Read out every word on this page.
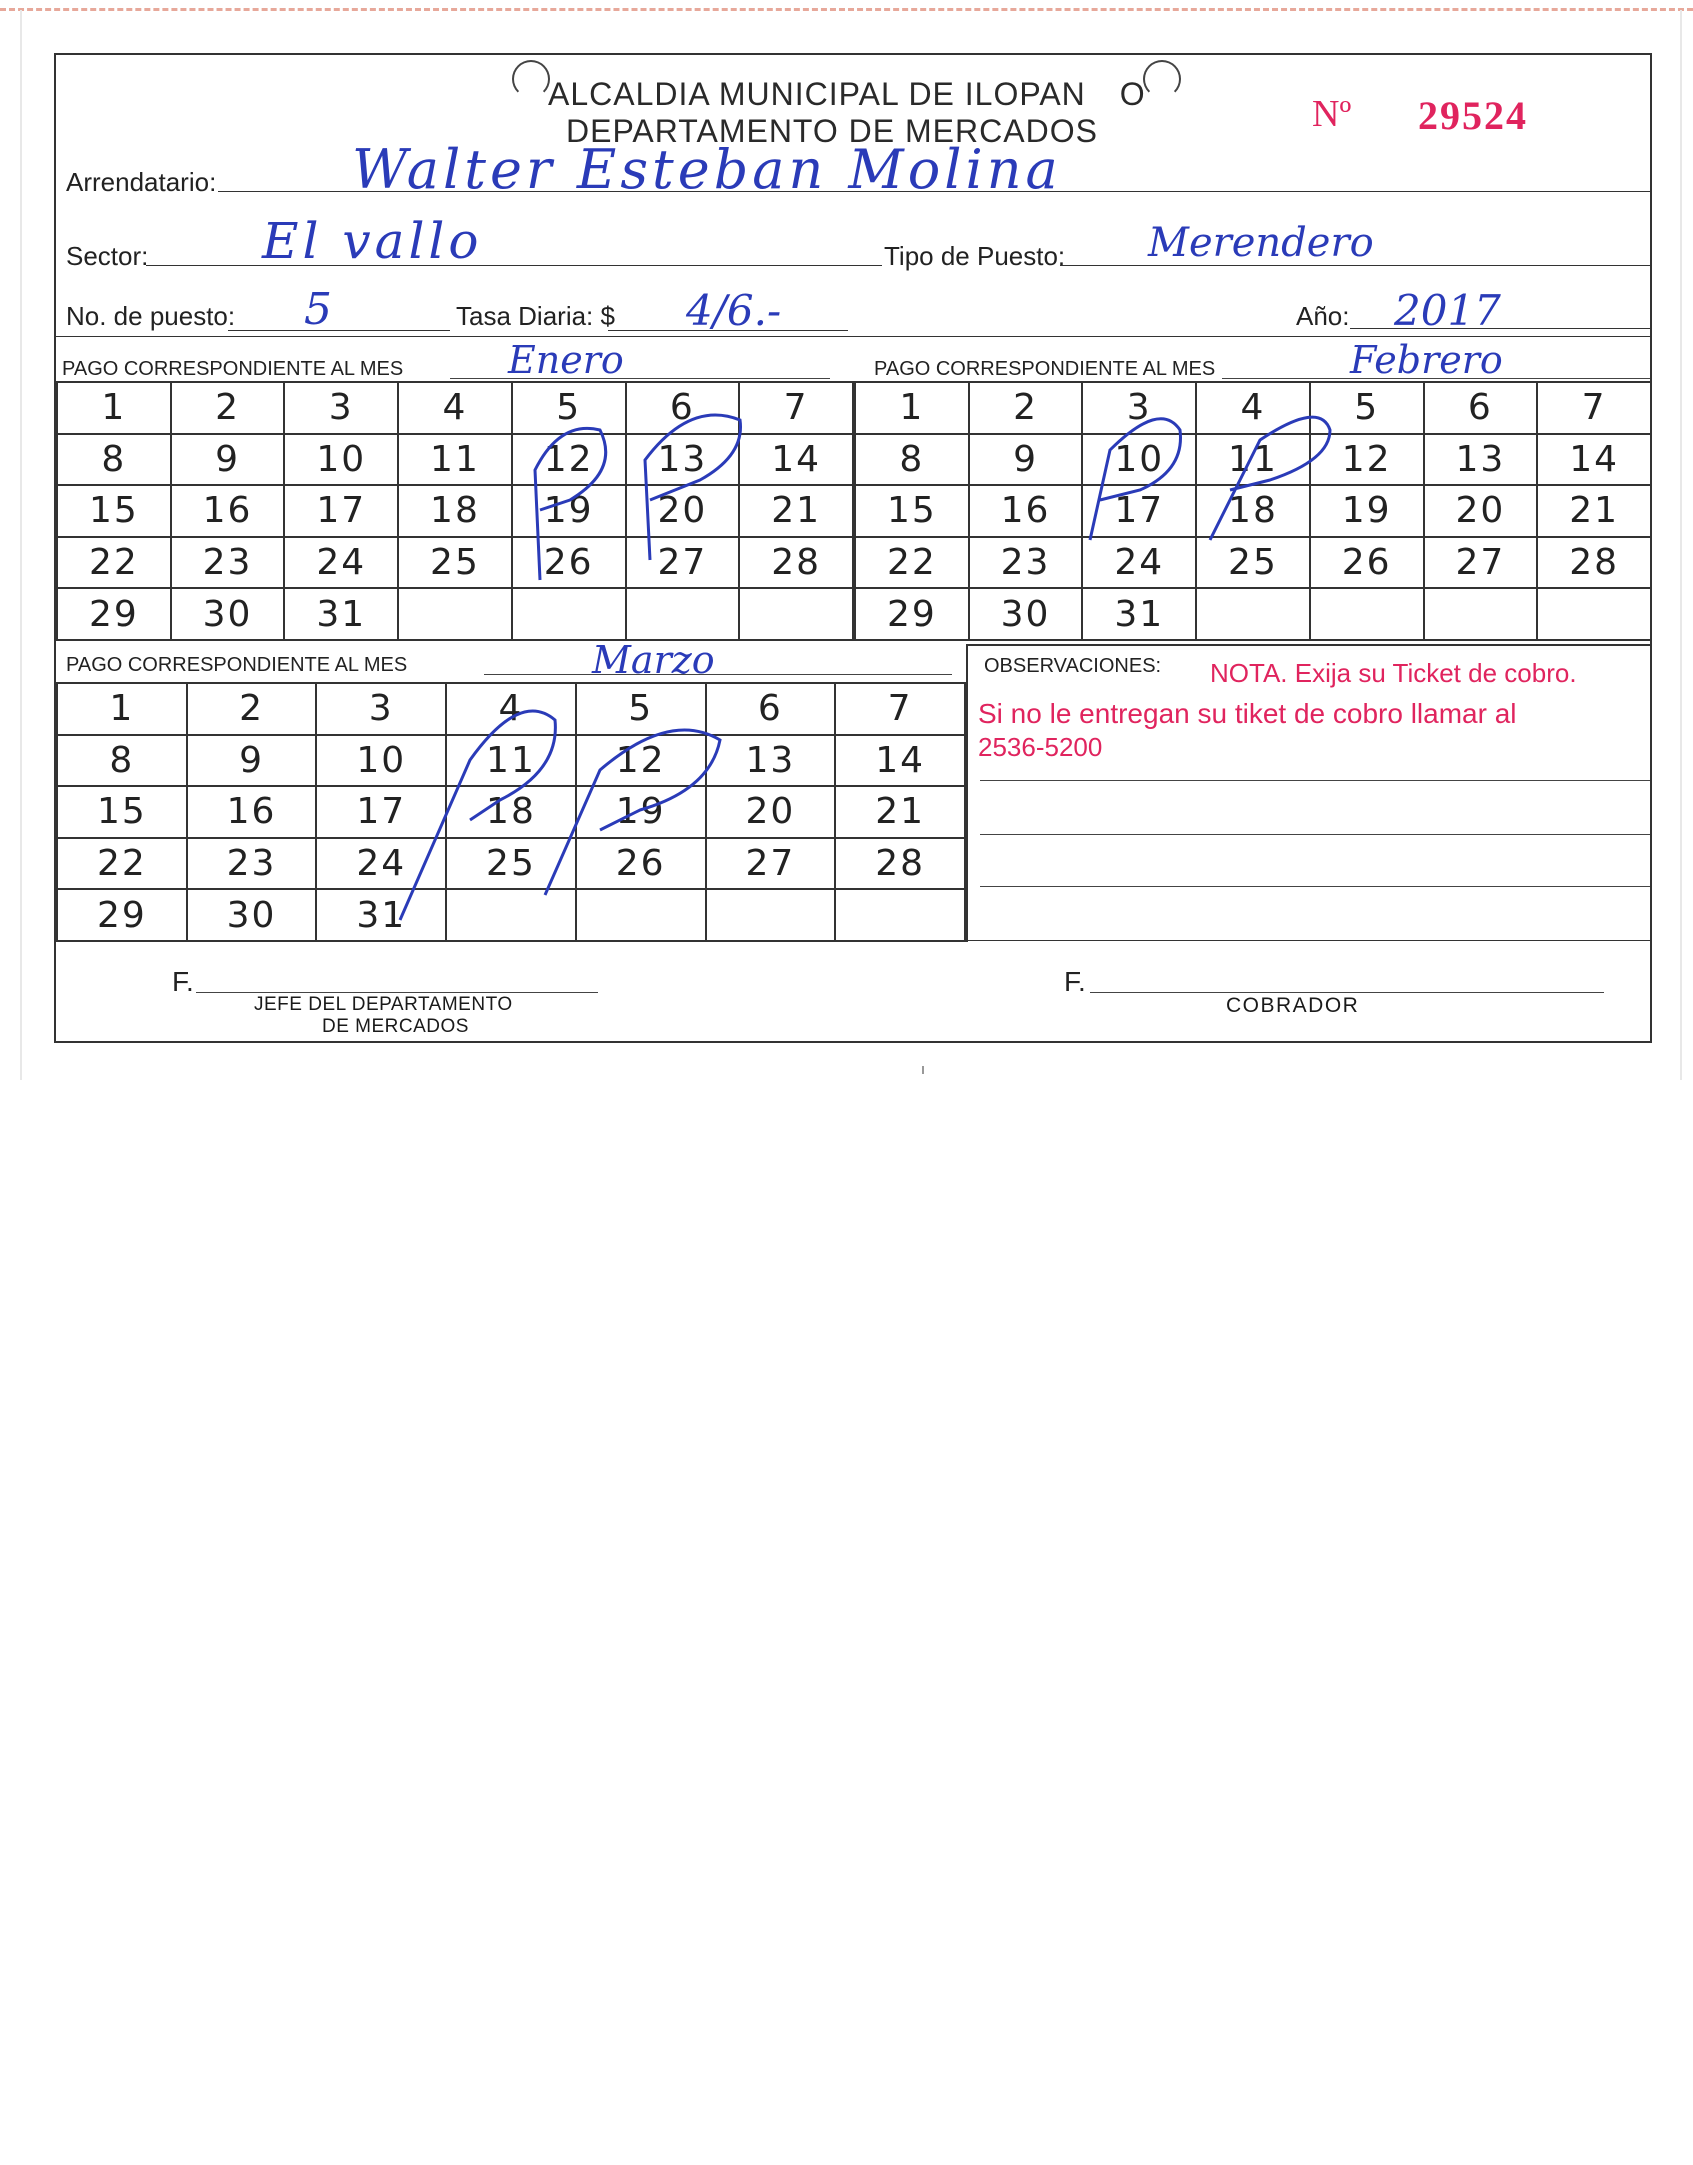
ALCALDIA MUNICIPAL DE ILOPAN O
DEPARTAMENTO DE MERCADOS	Nº 29524
Arrendatario:	Walter Esteban Molina
Sector: El vallo	Tipo de Puesto: Merendero
No. de puesto: 5	Tasa Diaria: $ 4/6.-	Año: 2017
PAGO CORRESPONDIENTE AL MES	Enero	PAGO CORRESPONDIENTE AL MES	Febrero
1	2	3	4	5	6	7
8	9	10	11	12	13	14
15	16	17	18	19	20	21
22	23	24	25	26	27	28
29	30	31				
1	2	3	4	5	6	7
8	9	10	11	12	13	14
15	16	17	18	19	20	21
22	23	24	25	26	27	28
29	30	31				
PAGO CORRESPONDIENTE AL MES	Marzo
1	2	3	4	5	6	7
8	9	10	11	12	13	14
15	16	17	18	19	20	21
22	23	24	25	26	27	28
29	30	31				
OBSERVACIONES: NOTA. Exija su Ticket de cobro.
Si no le entregan su tiket de cobro llamar al
2536-5200
F.
JEFE DEL DEPARTAMENTO
DE MERCADOS
F.
COBRADOR
